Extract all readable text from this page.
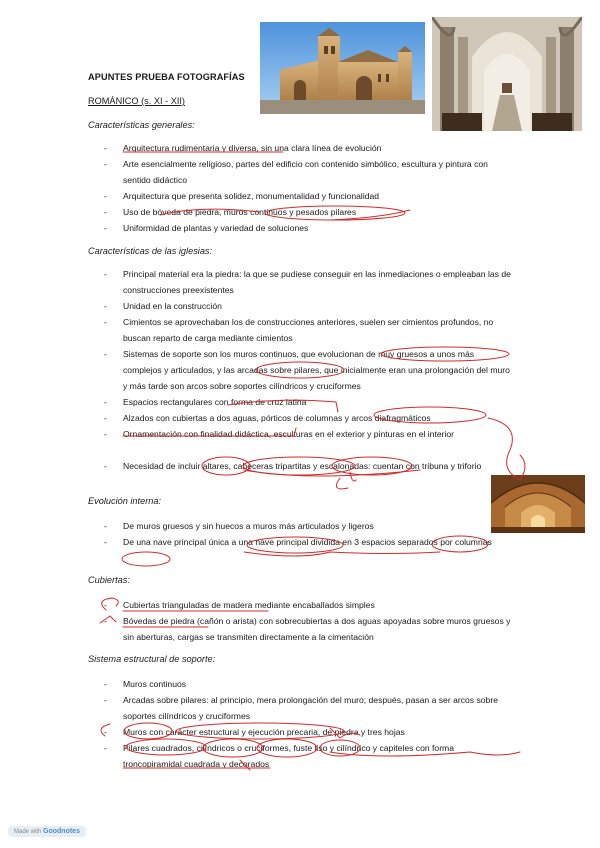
APUNTES PRUEBA FOTOGRAFÍAS
ROMÁNICO (s. XI - XII)
Características generales:
-	Arquitectura rudimentaria y diversa, sin una clara línea de evolución
-	Arte esencialmente religioso, partes del edificio con contenido simbólico, escultura y pintura con sentido didáctico
-	Arquitectura que presenta solidez, monumentalidad y funcionalidad
-	Uso de bóveda de piedra, muros continuos y pesados pilares
-	Uniformidad de plantas y variedad de soluciones
Características de las iglesias:
-	Principal material era la piedra: la que se pudiese conseguir en las inmediaciones o empleaban las de construcciones preexistentes
-	Unidad en la construcción
-	Cimientos se aprovechaban los de construcciones anteriores, suelen ser cimientos profundos, no buscan reparto de carga mediante cimientos
-	Sistemas de soporte son los muros continuos, que evolucionan de muy gruesos a unos más complejos y articulados, y las arcadas sobre pilares, que inicialmente eran una prolongación del muro y más tarde son arcos sobre soportes cilíndricos y cruciformes
-	Espacios rectangulares con forma de cruz latina
-	Alzados con cubiertas a dos aguas, pórticos de columnas y arcos diafragmáticos
-	Ornamentación con finalidad didáctica, esculturas en el exterior y pinturas en el interior
-	Necesidad de incluir altares, cabeceras tripartitas y escalonadas: cuentan con tribuna y triforio
Evolución interna:
-	De muros gruesos y sin huecos a muros más articulados y ligeros
-	De una nave principal única a una nave principal dividida en 3 espacios separados por columnas
Cubiertas:
-	Cubiertas trianguladas de madera mediante encaballados simples
-	Bóvedas de piedra (cañón o arista) con sobrecubiertas a dos aguas apoyadas sobre muros gruesos y sin aberturas, cargas se transmiten directamente a la cimentación
Sistema estructural de soporte:
-	Muros continuos
-	Arcadas sobre pilares: al principio, mera prolongación del muro; después, pasan a ser arcos sobre soportes cilíndricos y cruciformes
-	Muros con carácter estructural y ejecución precaria, de piedra y tres hojas
-	Pilares cuadrados, cilíndricos o cruciformes, fuste liso y cilíndrico y capiteles con forma troncopiramidal cuadrada y decorados
Made with Goodnotes
